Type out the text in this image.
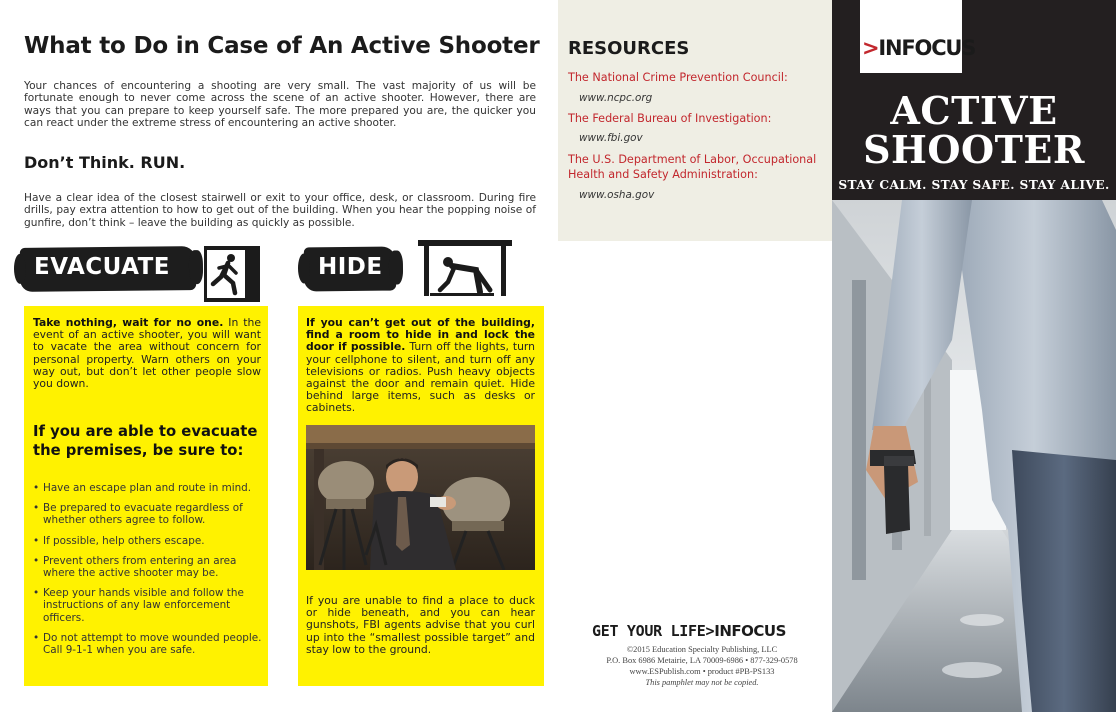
What to Do in Case of An Active Shooter

Your chances of encountering a shooting are very small. The vast majority of us will be fortunate enough to never come across the scene of an active shooter. However, there are ways that you can prepare to keep yourself safe. The more prepared you are, the quicker you can react under the extreme stress of encountering an active shooter.

Don’t Think. RUN.

Have a clear idea of the closest stairwell or exit to your office, desk, or classroom. During fire drills, pay extra attention to how to get out of the building. When you hear the popping noise of gunfire, don’t think – leave the building as quickly as possible.

EVACUATE	HIDE

Take nothing, wait for no one. In the event of an active shooter, you will want to vacate the area without concern for personal property. Warn others on your way out, but don’t let other people slow you down.

If you are able to evacuate the premises, be sure to:
• Have an escape plan and route in mind.
• Be prepared to evacuate regardless of whether others agree to follow.
• If possible, help others escape.
• Prevent others from entering an area where the active shooter may be.
• Keep your hands visible and follow the instructions of any law enforcement officers.
• Do not attempt to move wounded people. Call 9-1-1 when you are safe.

If you can’t get out of the building, find a room to hide in and lock the door if possible. Turn off the lights, turn your cellphone to silent, and turn off any televisions or radios. Push heavy objects against the door and remain quiet. Hide behind large items, such as desks or cabinets.

If you are unable to find a place to duck or hide beneath, and you can hear gunshots, FBI agents advise that you curl up into the “smallest possible target” and stay low to the ground.

RESOURCES
The National Crime Prevention Council:
www.ncpc.org
The Federal Bureau of Investigation:
www.fbi.gov
The U.S. Department of Labor, Occupational Health and Safety Administration:
www.osha.gov
GET YOUR LIFE>INFOCUS
©2015 Education Specialty Publishing, LLC
P.O. Box 6986 Metairie, LA 70009-6986 • 877-329-0578
www.ESPublish.com • product #PB-PS133
This pamphlet may not be copied.
>INFOCUS
ACTIVE
SHOOTER
STAY CALM. STAY SAFE. STAY ALIVE.
